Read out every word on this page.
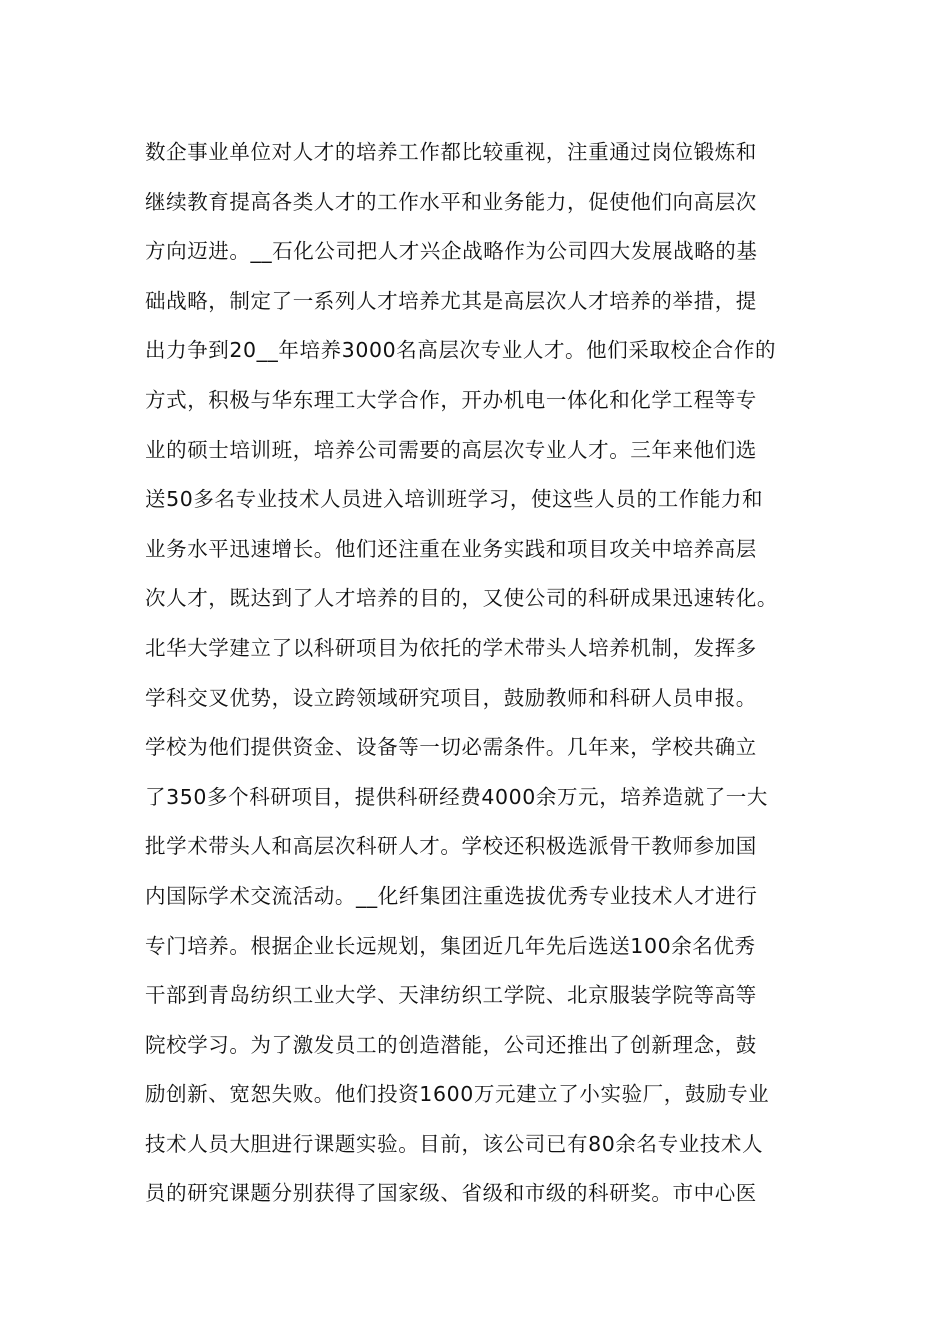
数企事业单位对人才的培养工作都比较重视，注重通过岗位锻炼和
继续教育提高各类人才的工作水平和业务能力，促使他们向高层次
方向迈进。__石化公司把人才兴企战略作为公司四大发展战略的基
础战略，制定了一系列人才培养尤其是高层次人才培养的举措，提
出力争到20__年培养3000名高层次专业人才。他们采取校企合作的
方式，积极与华东理工大学合作，开办机电一体化和化学工程等专
业的硕士培训班，培养公司需要的高层次专业人才。三年来他们选
送50多名专业技术人员进入培训班学习，使这些人员的工作能力和
业务水平迅速增长。他们还注重在业务实践和项目攻关中培养高层
次人才，既达到了人才培养的目的，又使公司的科研成果迅速转化。
北华大学建立了以科研项目为依托的学术带头人培养机制，发挥多
学科交叉优势，设立跨领域研究项目，鼓励教师和科研人员申报。
学校为他们提供资金、设备等一切必需条件。几年来，学校共确立
了350多个科研项目，提供科研经费4000余万元，培养造就了一大
批学术带头人和高层次科研人才。学校还积极选派骨干教师参加国
内国际学术交流活动。__化纤集团注重选拔优秀专业技术人才进行
专门培养。根据企业长远规划，集团近几年先后选送100余名优秀
干部到青岛纺织工业大学、天津纺织工学院、北京服装学院等高等
院校学习。为了激发员工的创造潜能，公司还推出了创新理念，鼓
励创新、宽恕失败。他们投资1600万元建立了小实验厂，鼓励专业
技术人员大胆进行课题实验。目前，该公司已有80余名专业技术人
员的研究课题分别获得了国家级、省级和市级的科研奖。市中心医
